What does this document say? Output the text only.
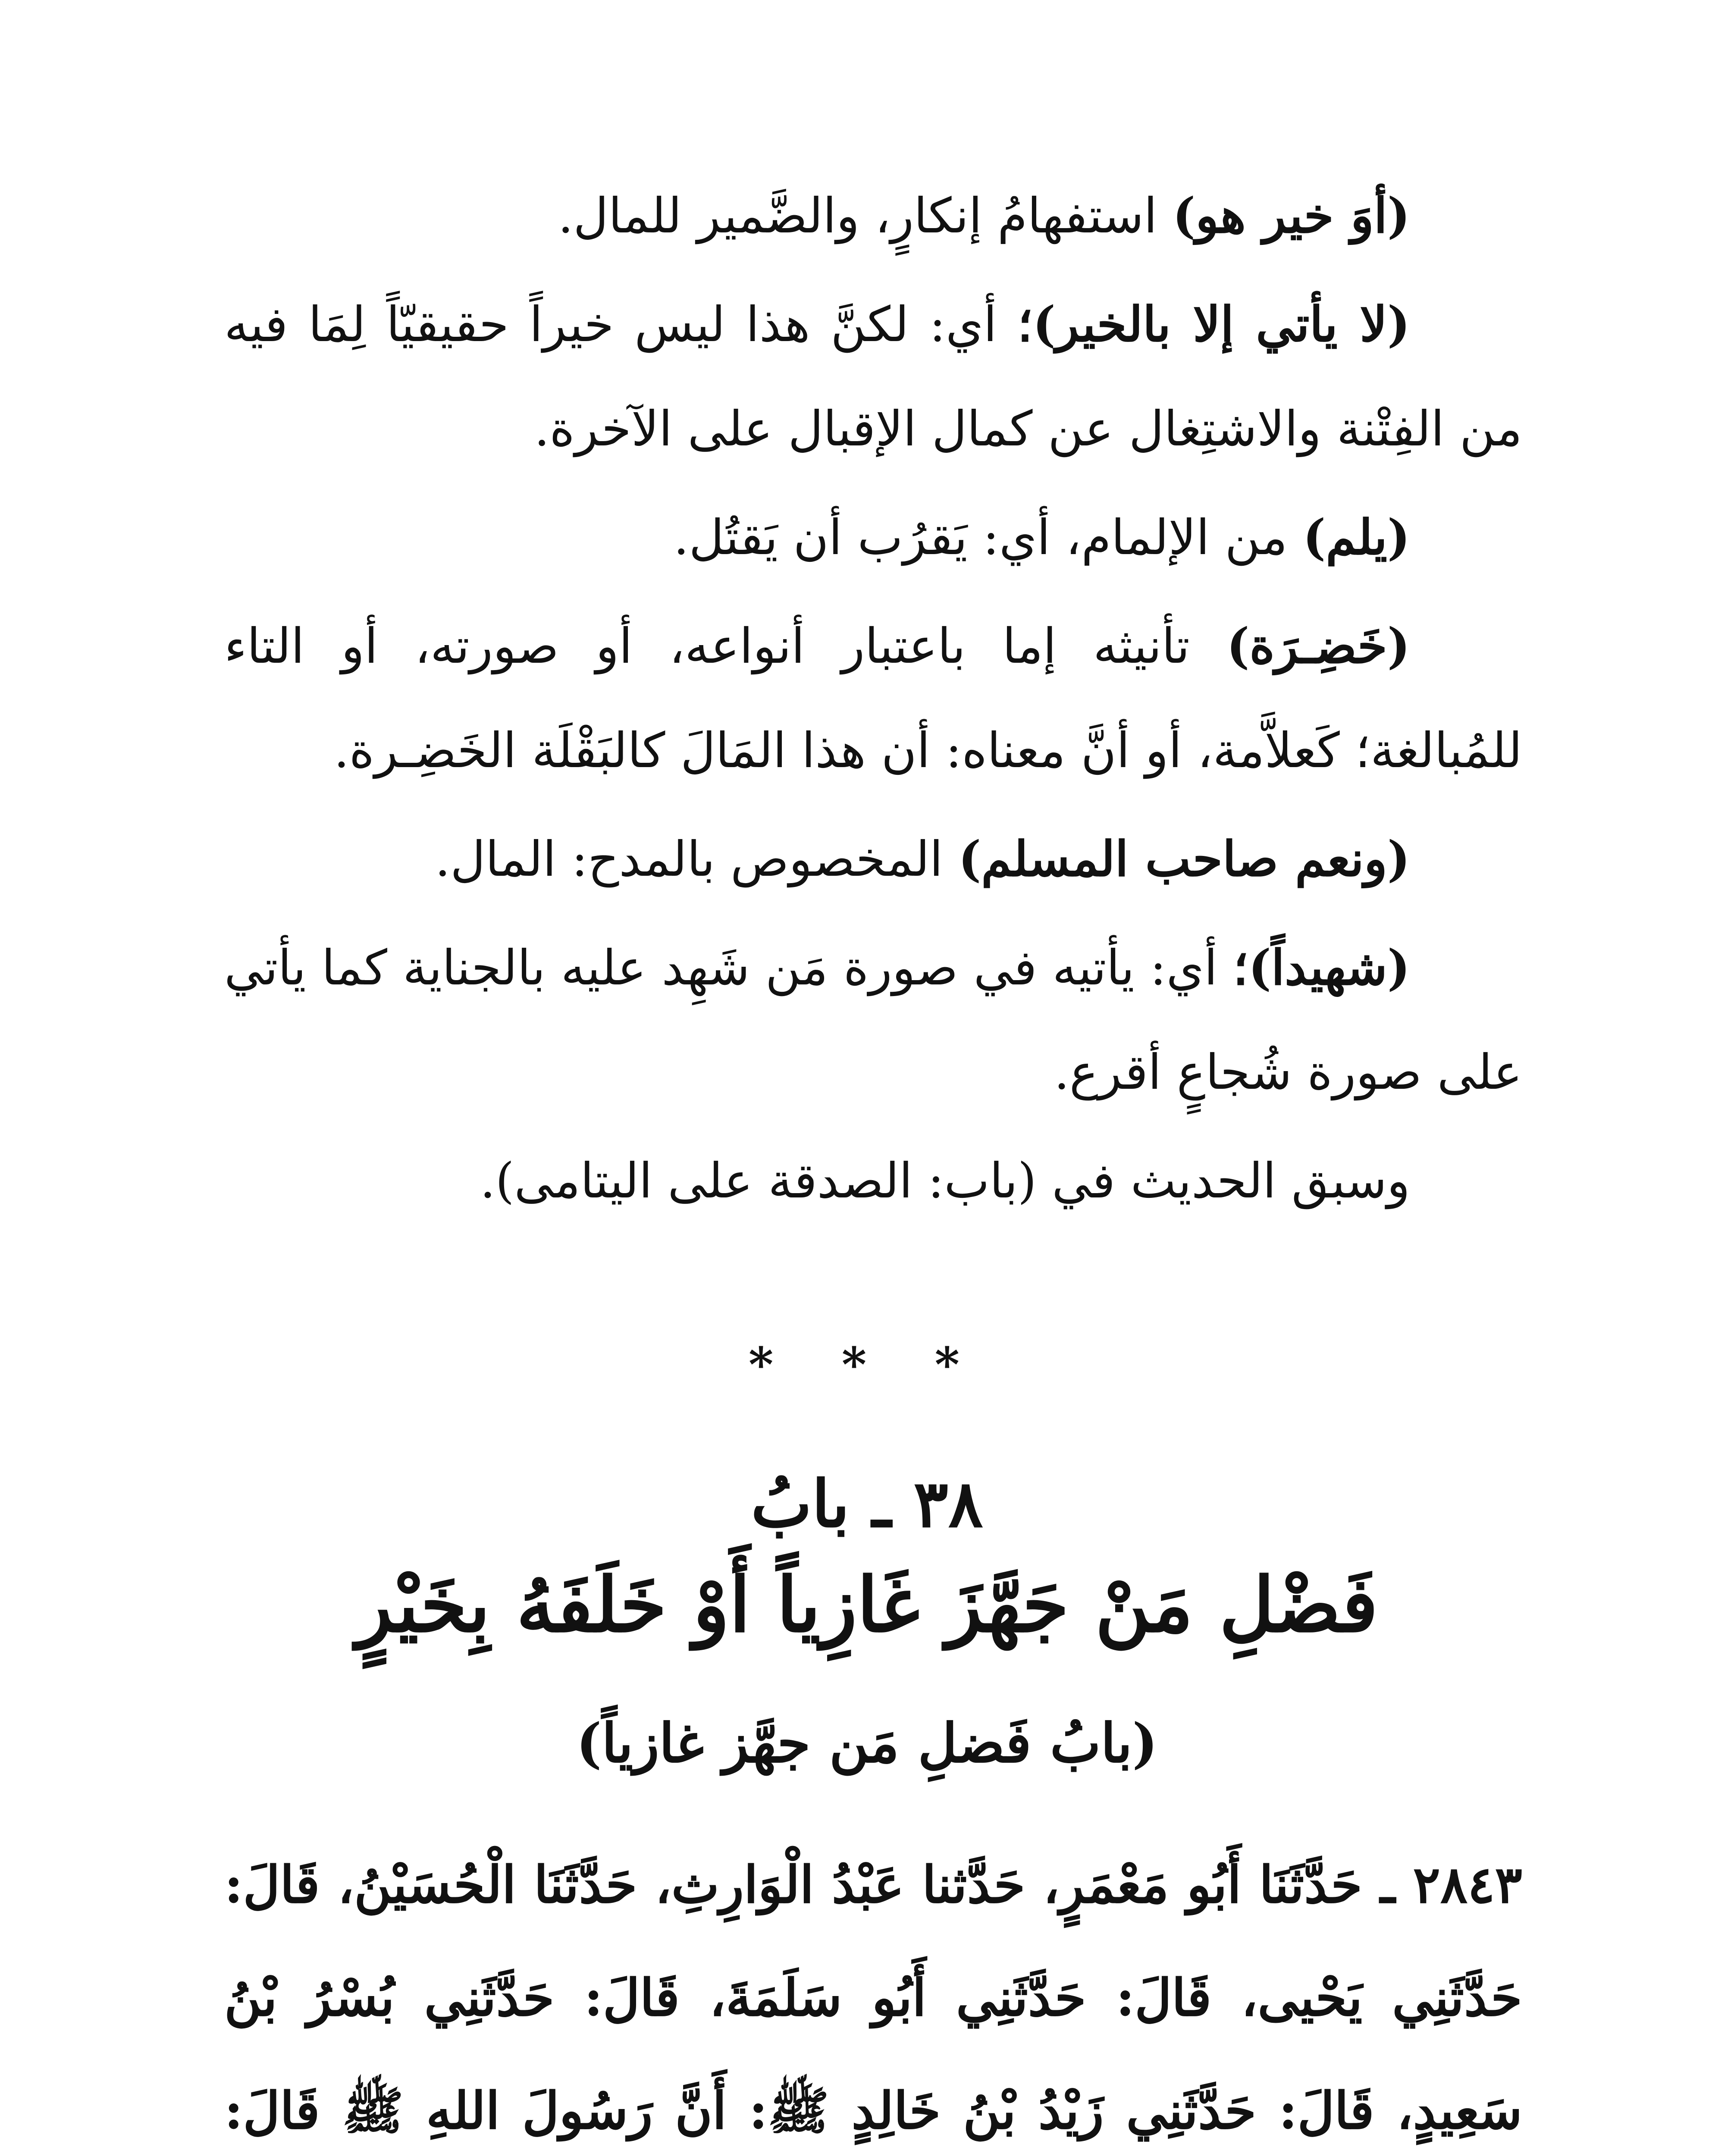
(أوَ خير هو) استفهامُ إنكارٍ، والضَّمير للمال.

(لا يأتي إلا بالخير)؛ أي: لكنَّ هذا ليس خيراً حقيقيّاً لِمَا فيه من الفِتْنة والاشتِغال عن كمال الإقبال على الآخرة.

(يلم) من الإلمام، أي: يَقرُب أن يَقتُل.

(خَضِـرَة) تأنيثه إما باعتبار أنواعه، أو صورته، أو التاء للمُبالغة؛ كَعلاَّمة، أو أنَّ معناه: أن هذا المَالَ كالبَقْلَة الخَضِـرة.

(ونعم صاحب المسلم) المخصوص بالمدح: المال.

(شهيداً)؛ أي: يأتيه في صورة مَن شَهِد عليه بالجناية كما يأتي على صورة شُجاعٍ أقرع.

وسبق الحديث في (باب: الصدقة على اليتامى).

* * *
٣٨ ـ بابُ
فَضْلِ مَنْ جَهَّزَ غَازِياً أَوْ خَلَفَهُ بِخَيْرٍ
(بابُ فَضلِ مَن جهَّز غازياً)
٢٨٤٣ ـ حَدَّثَنَا أَبُو مَعْمَرٍ، حَدَّثنا عَبْدُ الْوَارِثِ، حَدَّثَنَا الْحُسَيْنُ، قَالَ: حَدَّثَنِي يَحْيى، قَالَ: حَدَّثَنِي أَبُو سَلَمَةَ، قَالَ: حَدَّثَنِي بُسْرُ بْنُ سَعِيدٍ، قَالَ: حَدَّثَنِي زَيْدُ بْنُ خَالِدٍ ﷺ: أَنَّ رَسُولَ اللهِ ﷺ قَالَ:
